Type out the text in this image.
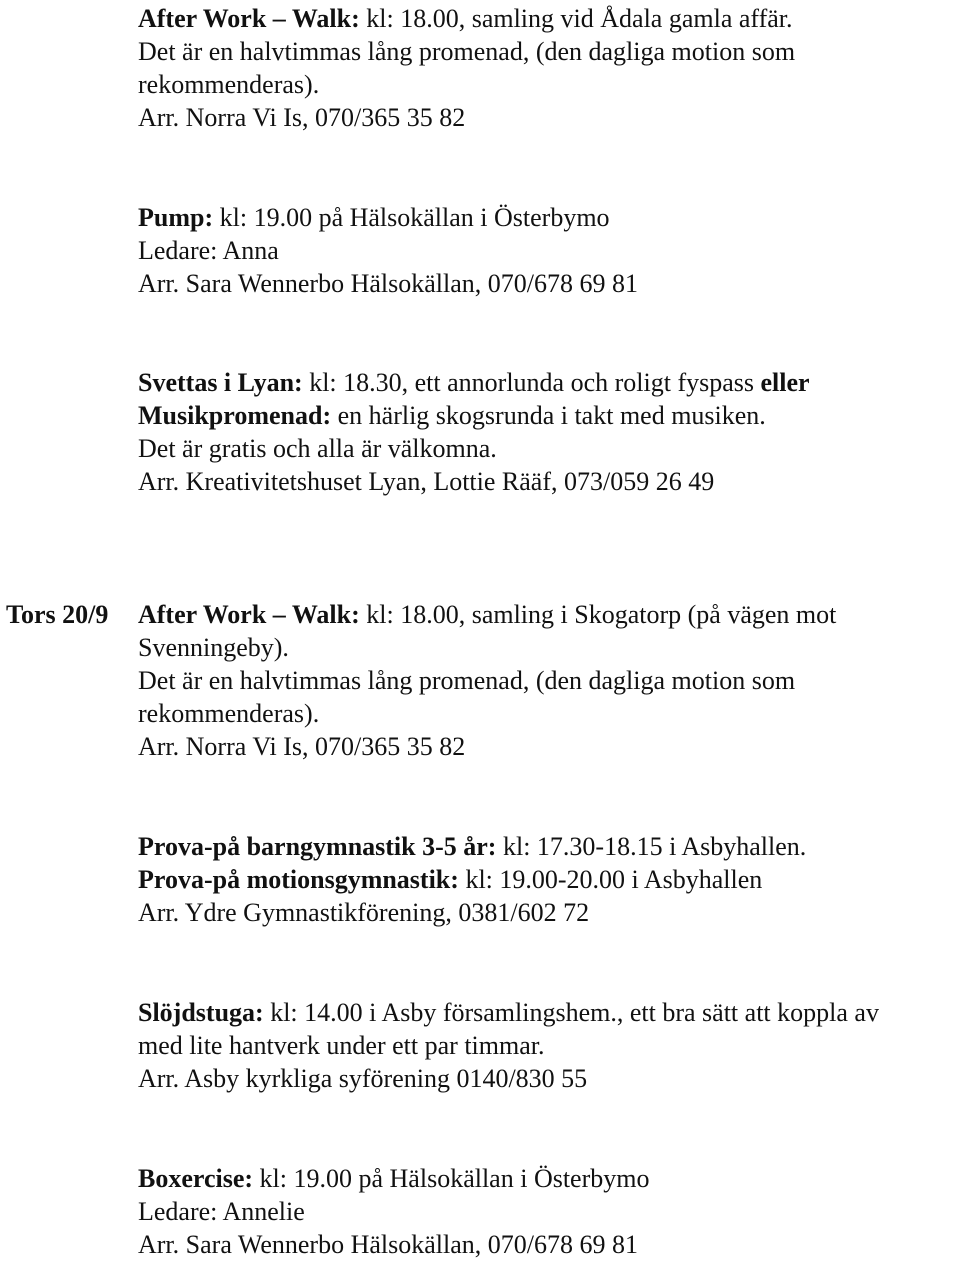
After Work – Walk: kl: 18.00, samling vid Ådala gamla affär.
Det är en halvtimmas lång promenad, (den dagliga motion som
rekommenderas).
Arr. Norra Vi Is, 070/365 35 82
Pump: kl: 19.00 på Hälsokällan i Österbymo
Ledare: Anna
Arr. Sara Wennerbo Hälsokällan, 070/678 69 81
Svettas i Lyan: kl: 18.30, ett annorlunda och roligt fyspass eller
Musikpromenad: en härlig skogsrunda i takt med musiken.
Det är gratis och alla är välkomna.
Arr. Kreativitetshuset Lyan, Lottie Rääf, 073/059 26 49
Tors 20/9 After Work – Walk: kl: 18.00, samling i Skogatorp (på vägen mot
Svenningeby).
Det är en halvtimmas lång promenad, (den dagliga motion som
rekommenderas).
Arr. Norra Vi Is, 070/365 35 82
Prova-på barngymnastik 3-5 år: kl: 17.30-18.15 i Asbyhallen.
Prova-på motionsgymnastik: kl: 19.00-20.00 i Asbyhallen
Arr. Ydre Gymnastikförening, 0381/602 72
Slöjdstuga: kl: 14.00 i Asby församlingshem., ett bra sätt att koppla av
med lite hantverk under ett par timmar.
Arr. Asby kyrkliga syförening 0140/830 55
Boxercise: kl: 19.00 på Hälsokällan i Österbymo
Ledare: Annelie
Arr. Sara Wennerbo Hälsokällan, 070/678 69 81
